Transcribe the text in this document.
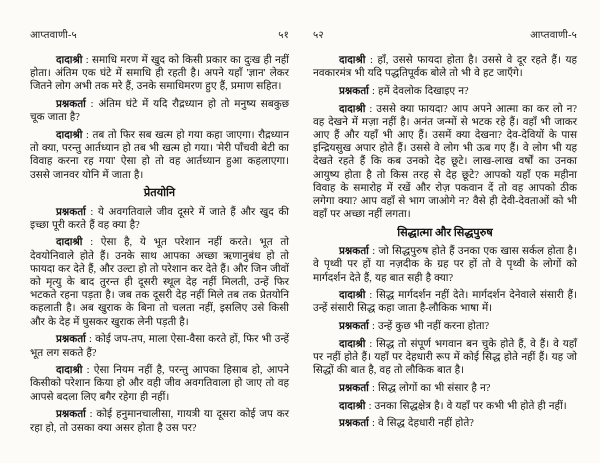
आप्तवाणी-५	५१

दादाश्री : समाधि मरण में खुद को किसी प्रकार का दुःख ही नहीं होता। अंतिम एक घंटे में समाधि ही रहती है। अपने यहाँ 'ज्ञान' लेकर जितने लोग अभी तक मरे हैं, उनके समाधिमरण हुए हैं, प्रमाण सहित।

प्रश्नकर्ता : अंतिम घंटे में यदि रौद्रध्यान हो तो मनुष्य सबकुछ चूक जाता है?

दादाश्री : तब तो फिर सब खत्म हो गया कहा जाएगा। रौद्रध्यान तो क्या, परन्तु आर्तध्यान हो तब भी खत्म हो गया। 'मेरी पाँचवी बेटी का विवाह करना रह गया' ऐसा हो तो वह आर्तध्यान हुआ कहलाएगा। उससे जानवर योनि में जाता है।

प्रेतयोनि

प्रश्नकर्ता : ये अवगतिवाले जीव दूसरे में जाते हैं और खुद की इच्छा पूरी करते हैं वह क्या है?

दादाश्री : ऐसा है, ये भूत परेशान नहीं करते। भूत तो देवयोनिवाले होते हैं। उनके साथ आपका अच्छा ऋणानुबंध हो तो फायदा कर देते हैं, और उल्टा हो तो परेशान कर देते हैं। और जिन जीवों को मृत्यु के बाद तुरन्त ही दूसरी स्थूल देह नहीं मिलती, उन्हें फिर भटकते रहना पड़ता है। जब तक दूसरी देह नहीं मिले तब तक प्रेतयोनि कहलाती है। अब खुराक के बिना तो चलता नहीं, इसलिए उसे किसी और के देह में घुसकर खुराक लेनी पड़ती है।

प्रश्नकर्ता : कोई जप-तप, माला ऐसा-वैसा करते हों, फिर भी उन्हें भूत लग सकते हैं?

दादाश्री : ऐसा नियम नहीं है, परन्तु आपका हिसाब हो, आपने किसीको परेशान किया हो और वही जीव अवगतिवाला हो जाए तो वह आपसे बदला लिए बगैर रहेगा ही नहीं।

प्रश्नकर्ता : कोई हनुमानचालीसा, गायत्री या दूसरा कोई जप कर रहा हो, तो उसका क्या असर होता है उस पर?

५२	आप्तवाणी-५

दादाश्री : हाँ, उससे फायदा होता है। उससे वे दूर रहते हैं। यह नवकारमंत्र भी यदि पद्धतिपूर्वक बोले तो भी वे हट जाएँगे।

प्रश्नकर्ता : हमें देवलोक दिखाइए न?

दादाश्री : उससे क्या फायदा? आप अपने आत्मा का कर लो न? वह देखने में मज़ा नहीं है। अनंत जन्मों से भटक रहे हैं। वहाँ भी जाकर आए हैं और यहाँ भी आए हैं। उसमें क्या देखना? देव-देवियों के पास इन्द्रियसुख अपार होते हैं। उससे वे लोग भी ऊब गए हैं। वे लोग भी यह देखते रहते हैं कि कब उनको देह छूटे। लाख-लाख वर्षों का उनका आयुष्य होता है तो किस तरह से देह छूटे? आपको यहाँ एक महीना विवाह के समारोह में रखें और रोज़ पकवान दें तो वह आपको ठीक लगेगा क्या? आप वहाँ से भाग जाओगे न? वैसे ही देवी-देवताओं को भी वहाँ पर अच्छा नहीं लगता।

सिद्धात्मा और सिद्धपुरुष

प्रश्नकर्ता : जो सिद्धपुरुष होते हैं उनका एक खास सर्कल होता है। वे पृथ्वी पर हों या नज़दीक के ग्रह पर हों तो वे पृथ्वी के लोगों को मार्गदर्शन देते हैं, यह बात सही है क्या?

दादाश्री : सिद्ध मार्गदर्शन नहीं देते। मार्गदर्शन देनेवाले संसारी हैं। उन्हें संसारी सिद्ध कहा जाता है-लौकिक भाषा में।

प्रश्नकर्ता : उन्हें कुछ भी नहीं करना होता?

दादाश्री : सिद्ध तो संपूर्ण भगवान बन चुके होते हैं, वे हैं। वे यहाँ पर नहीं होते हैं। यहाँ पर देहधारी रूप में कोई सिद्ध होते नहीं हैं। यह जो सिद्धों की बात है, वह तो लौकिक बात है।

प्रश्नकर्ता : सिद्ध लोगों का भी संसार है न?

दादाश्री : उनका सिद्धक्षेत्र है। वे यहाँ पर कभी भी होते ही नहीं।

प्रश्नकर्ता : वे सिद्ध देहधारी नहीं होते?
